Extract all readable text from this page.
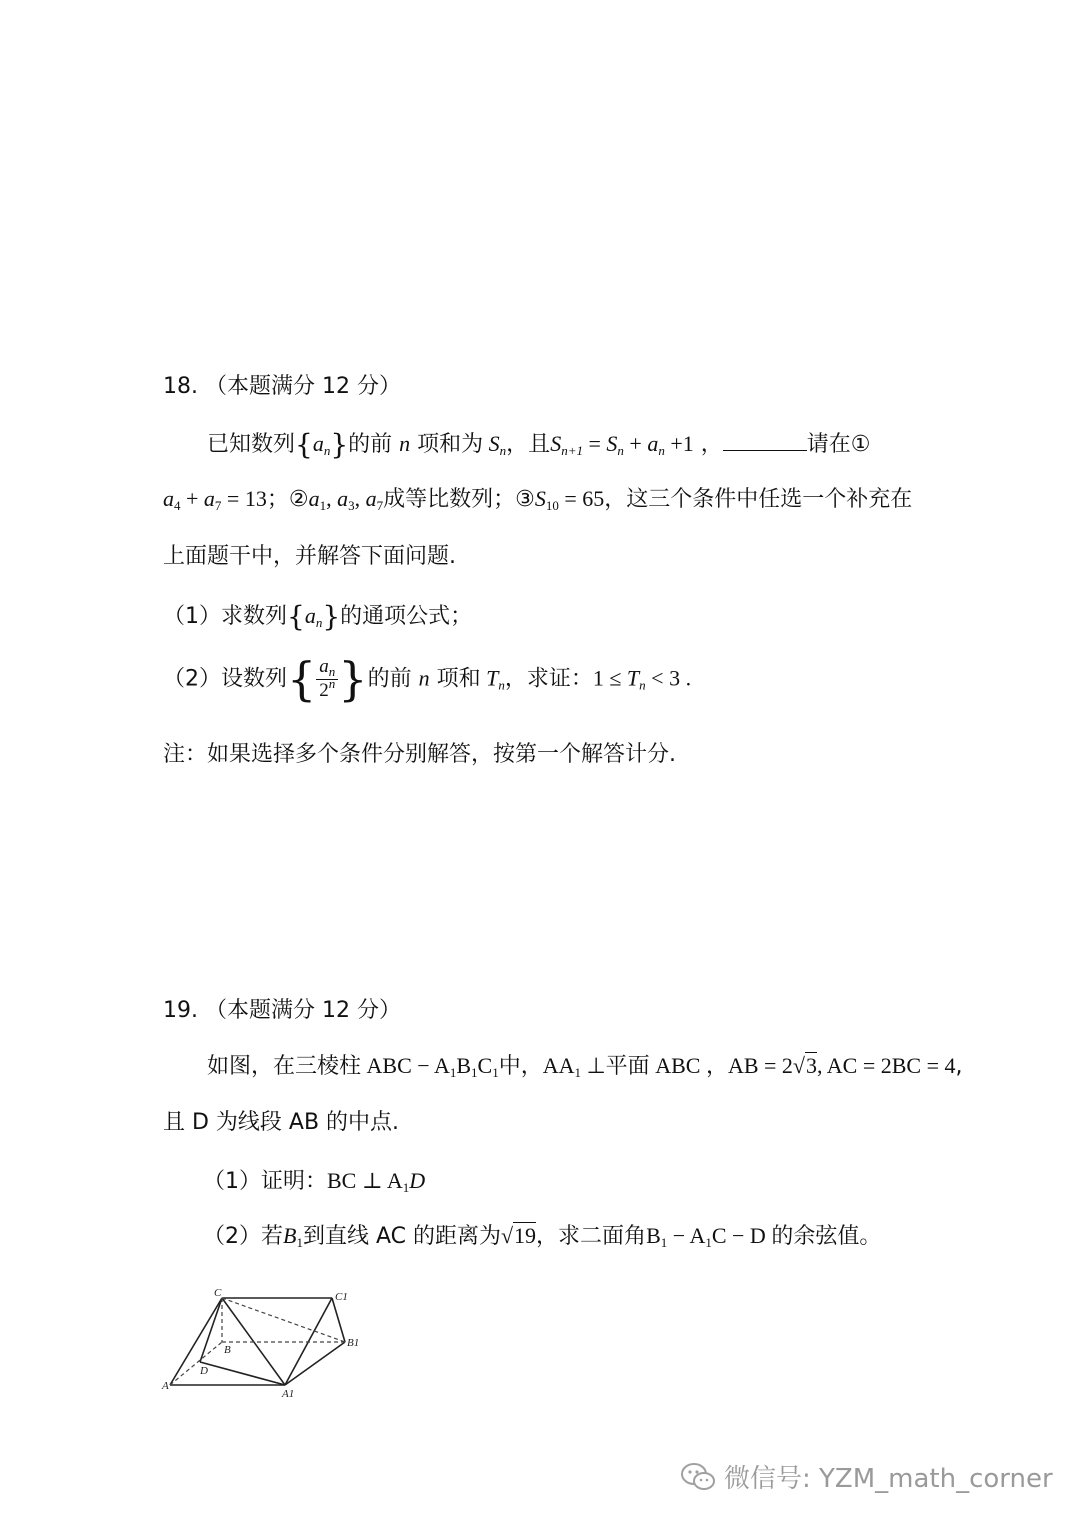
18. （本题满分 12 分）
已知数列$\{a_n\}$的前 n 项和为 $S_n$，且$S_{n+1} = S_n + a_n +1$ ，	请在①
$a_4 + a_7 = 13$；$②a_1$, $a_3$, $a_7$成等比数列；$③S_{10} = 65$，这三个条件中任选一个补充在
上面题干中，并解答下面问题.
（1）求数列$\{a_n\}$的通项公式；
（2）设数列{ $\frac{a_n}{2^n}$ }的前 n 项和 $T_n$，求证：$1 \le T_n < 3$ .
注：如果选择多个条件分别解答，按第一个解答计分.
19. （本题满分 12 分）
如图，在三棱柱 ABC − $A_1B_1C_1$中，$AA_1$ ⊥平面 ABC ，AB = 2√3, AC = 2BC = 4,
且 D 为线段 AB 的中点.
（1）证明：BC ⊥ $A_1D$
（2）若$B_1$到直线 AC 的距离为√19，求二面角$B_1 - A_1C - D$ 的余弦值。
C	C1
B
B1
D
A
A1
微信号: YZM_math_corner
